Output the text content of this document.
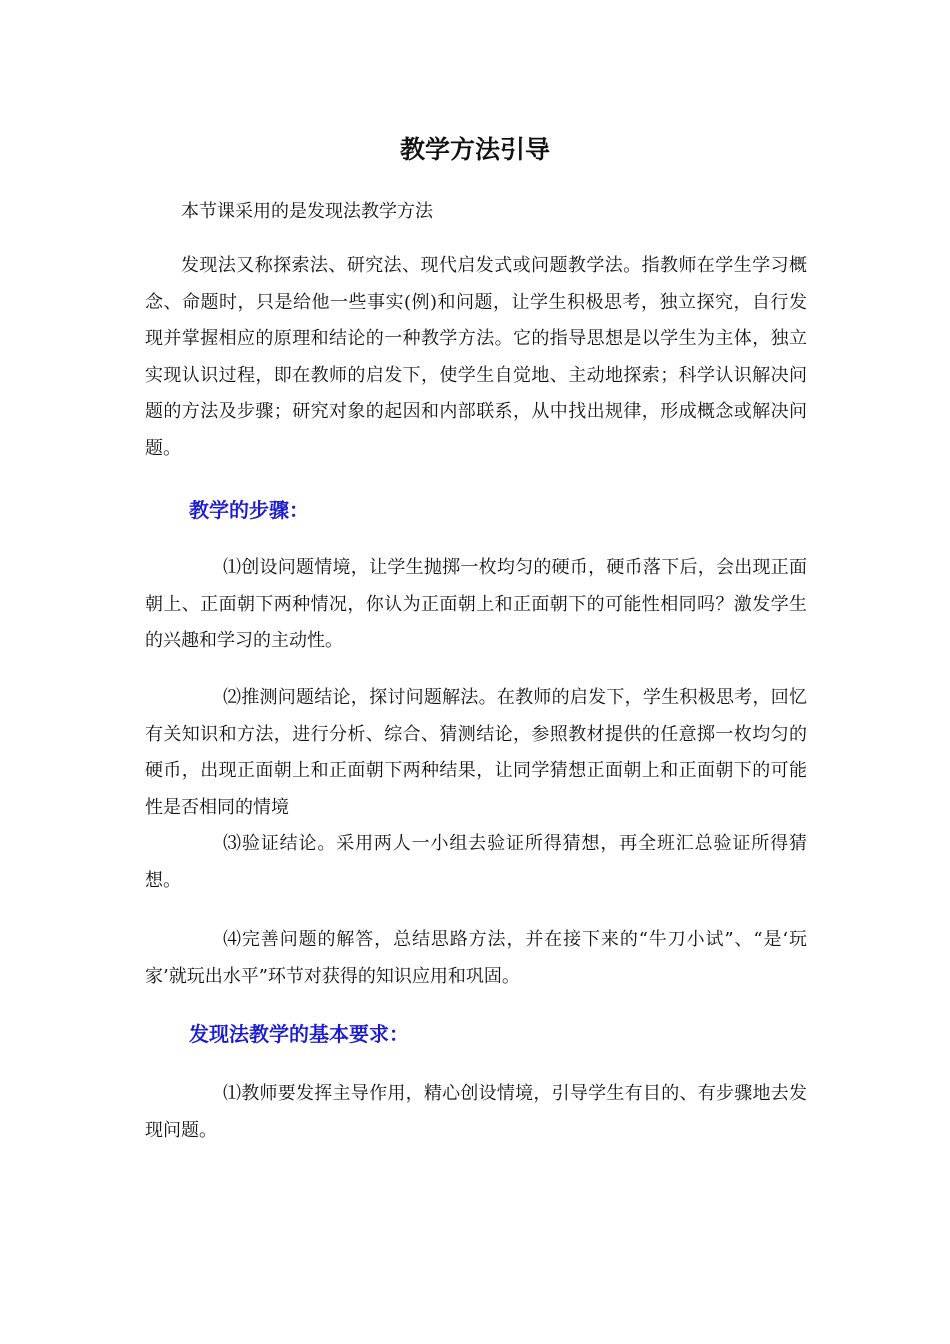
教学方法引导

本节课采用的是发现法教学方法

发现法又称探索法、研究法、现代启发式或问题教学法。指教师在学生学习概念、命题时，只是给他一些事实(例)和问题，让学生积极思考，独立探究，自行发现并掌握相应的原理和结论的一种教学方法。它的指导思想是以学生为主体，独立实现认识过程，即在教师的启发下，使学生自觉地、主动地探索；科学认识解决问题的方法及步骤；研究对象的起因和内部联系，从中找出规律，形成概念或解决问题。

教学的步骤：

⑴创设问题情境，让学生抛掷一枚均匀的硬币，硬币落下后，会出现正面朝上、正面朝下两种情况，你认为正面朝上和正面朝下的可能性相同吗？激发学生的兴趣和学习的主动性。

⑵推测问题结论，探讨问题解法。在教师的启发下，学生积极思考，回忆有关知识和方法，进行分析、综合、猜测结论，参照教材提供的任意掷一枚均匀的硬币，出现正面朝上和正面朝下两种结果，让同学猜想正面朝上和正面朝下的可能性是否相同的情境

⑶验证结论。采用两人一小组去验证所得猜想，再全班汇总验证所得猜想。

⑷完善问题的解答，总结思路方法，并在接下来的“牛刀小试”、“是‘玩家’就玩出水平”环节对获得的知识应用和巩固。

发现法教学的基本要求：

⑴教师要发挥主导作用，精心创设情境，引导学生有目的、有步骤地去发现问题。
